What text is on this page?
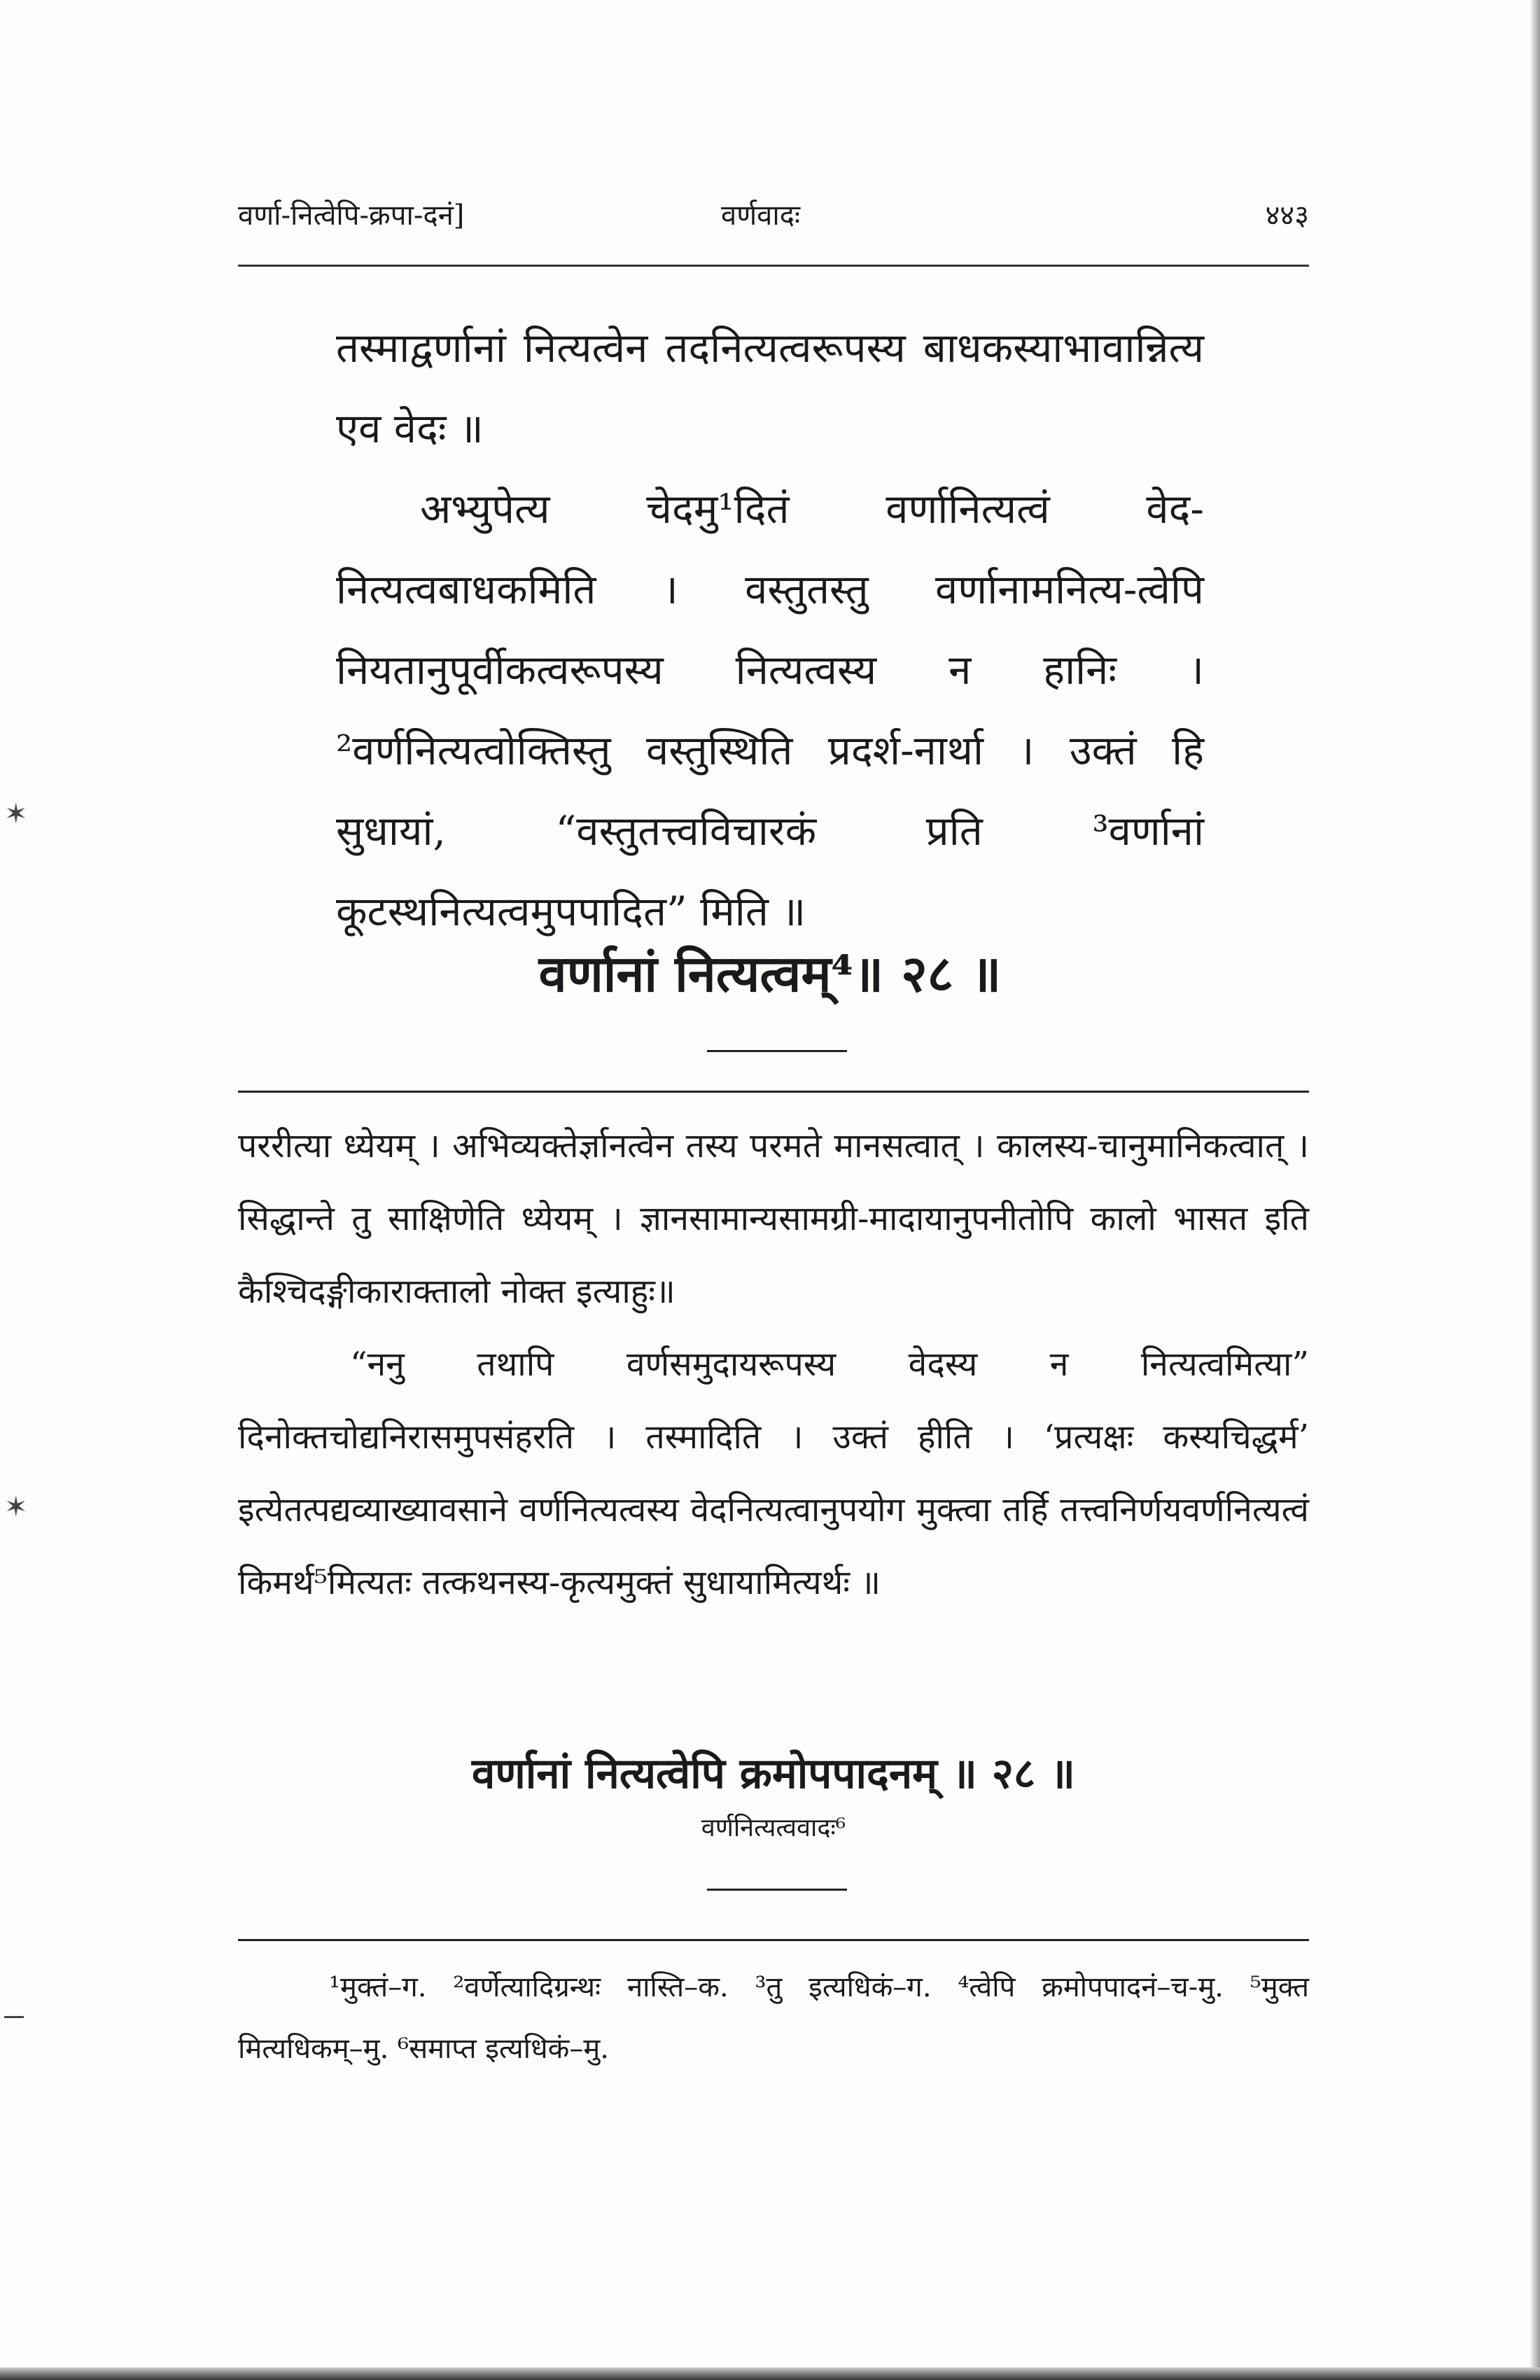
✶
✶
वर्णा-नित्वेपि-क्रपा-दनं]	वर्णवादः	४४३

तस्माद्वर्णानां नित्यत्वेन तदनित्यत्वरूपस्य बाधकस्याभावान्नित्य एव वेदः ॥

अभ्युपेत्य चेदमु¹दितं वर्णानित्यत्वं वेद-नित्यत्वबाधकमिति । वस्तुतस्तु वर्णानामनित्य-त्वेपि नियतानुपूर्वीकत्वरूपस्य नित्यत्वस्य न हानिः । ²वर्णनित्यत्वोक्तिस्तु वस्तुस्थिति प्रदर्श-नार्था । उक्तं हि सुधायां, “वस्तुतत्त्वविचारकं प्रति ³वर्णानां कूटस्थनित्यत्वमुपपादित” मिति ॥

वर्णानां नित्यत्वम्⁴॥ २८ ॥

पररीत्या ध्येयम् । अभिव्यक्तेर्ज्ञानत्वेन तस्य परमते मानसत्वात् । कालस्य-चानुमानिकत्वात् । सिद्धान्ते तु साक्षिणेति ध्येयम् । ज्ञानसामान्यसामग्री-मादायानुपनीतोपि कालो भासत इति कैश्चिदङ्गीकाराक्तालो नोक्त इत्याहुः॥

“ननु तथापि वर्णसमुदायरूपस्य वेदस्य न नित्यत्वमित्या” दिनोक्तचोद्यनिरासमुपसंहरति । तस्मादिति । उक्तं हीति । ‘प्रत्यक्षः कस्यचिद्धर्म’ इत्येतत्पद्यव्याख्यावसाने वर्णनित्यत्वस्य वेदनित्यत्वानुपयोग मुक्त्वा तर्हि तत्त्वनिर्णयवर्णनित्यत्वं किमर्थ⁵मित्यतः तत्कथनस्य-कृत्यमुक्तं सुधायामित्यर्थः ॥

वर्णानां नित्यत्वेपि क्रमोपपादनम् ॥ २८ ॥
वर्णनित्यत्ववादः⁶

¹मुक्तं–ग. ²वर्णेत्यादिग्रन्थः नास्ति–क. ³तु इत्यधिकं–ग. ⁴त्वेपि क्रमोपपादनं–च-मु. ⁵मुक्त मित्यधिकम्–मु. ⁶समाप्त इत्यधिकं–मु.
